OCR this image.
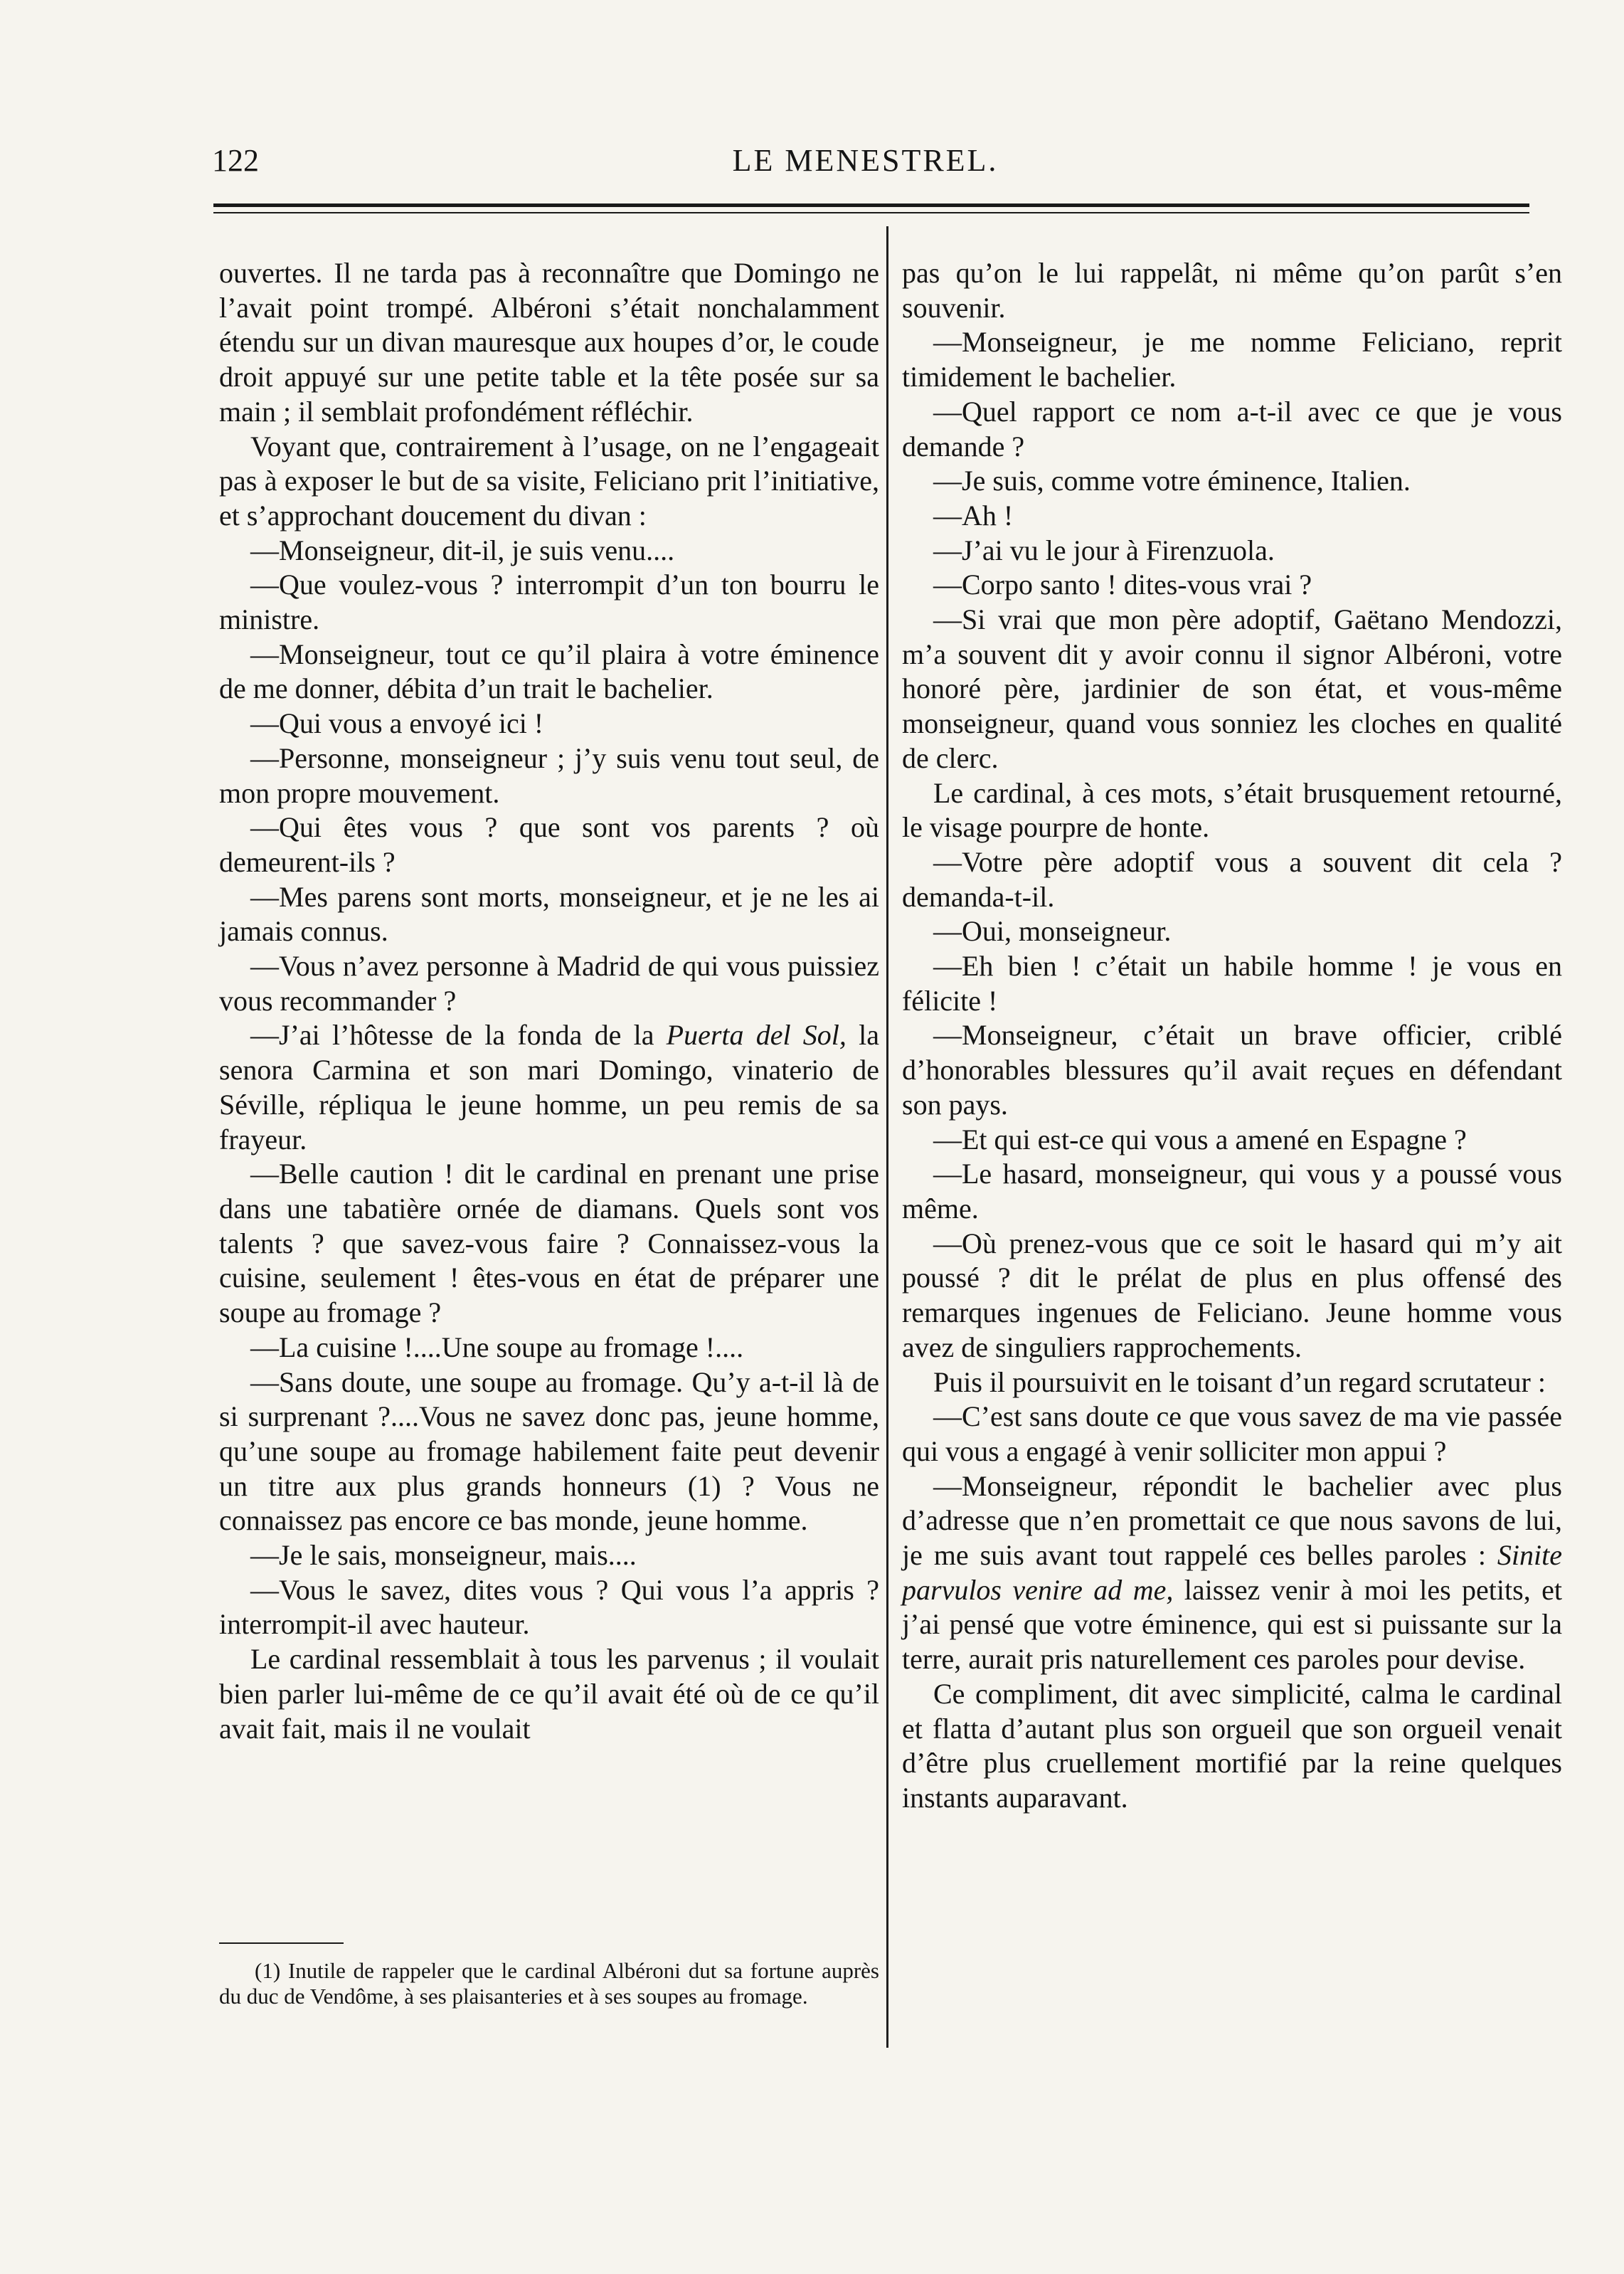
122	LE MENESTREL.

ouvertes. Il ne tarda pas à reconnaître que Domingo ne l’avait point trompé. Albéroni s’était nonchalamment étendu sur un divan mauresque aux houpes d’or, le coude droit appuyé sur une petite table et la tête posée sur sa main ; il semblait profondément réfléchir.

Voyant que, contrairement à l’usage, on ne l’engageait pas à exposer le but de sa visite, Feliciano prit l’initiative, et s’approchant doucement du divan :

—Monseigneur, dit-il, je suis venu....

—Que voulez-vous ? interrompit d’un ton bourru le ministre.

—Monseigneur, tout ce qu’il plaira à votre éminence de me donner, débita d’un trait le bachelier.

—Qui vous a envoyé ici !

—Personne, monseigneur ; j’y suis venu tout seul, de mon propre mouvement.

—Qui êtes vous ? que sont vos parents ? où demeurent-ils ?

—Mes parens sont morts, monseigneur, et je ne les ai jamais connus.

—Vous n’avez personne à Madrid de qui vous puissiez vous recommander ?

—J’ai l’hôtesse de la fonda de la Puerta del Sol, la senora Carmina et son mari Domingo, vinaterio de Séville, répliqua le jeune homme, un peu remis de sa frayeur.

—Belle caution ! dit le cardinal en prenant une prise dans une tabatière ornée de diamans. Quels sont vos talents ? que savez-vous faire ? Connaissez-vous la cuisine, seulement ! êtes-vous en état de préparer une soupe au fromage ?

—La cuisine !....Une soupe au fromage !....

—Sans doute, une soupe au fromage. Qu’y a-t-il là de si surprenant ?....Vous ne savez donc pas, jeune homme, qu’une soupe au fromage habilement faite peut devenir un titre aux plus grands honneurs (1) ? Vous ne connaissez pas encore ce bas monde, jeune homme.

—Je le sais, monseigneur, mais....

—Vous le savez, dites vous ? Qui vous l’a appris ? interrompit-il avec hauteur.

Le cardinal ressemblait à tous les parvenus ; il voulait bien parler lui-même de ce qu’il avait été où de ce qu’il avait fait, mais il ne voulait

(1) Inutile de rappeler que le cardinal Albéroni dut sa fortune auprès du duc de Vendôme, à ses plaisanteries et à ses soupes au fromage.

pas qu’on le lui rappelât, ni même qu’on parût s’en souvenir.

—Monseigneur, je me nomme Feliciano, reprit timidement le bachelier.

—Quel rapport ce nom a-t-il avec ce que je vous demande ?

—Je suis, comme votre éminence, Italien.

—Ah !

—J’ai vu le jour à Firenzuola.

—Corpo santo ! dites-vous vrai ?

—Si vrai que mon père adoptif, Gaëtano Mendozzi, m’a souvent dit y avoir connu il signor Albéroni, votre honoré père, jardinier de son état, et vous-même monseigneur, quand vous sonniez les cloches en qualité de clerc.

Le cardinal, à ces mots, s’était brusquement retourné, le visage pourpre de honte.

—Votre père adoptif vous a souvent dit cela ? demanda-t-il.

—Oui, monseigneur.

—Eh bien ! c’était un habile homme ! je vous en félicite !

—Monseigneur, c’était un brave officier, criblé d’honorables blessures qu’il avait reçues en défendant son pays.

—Et qui est-ce qui vous a amené en Espagne ?

—Le hasard, monseigneur, qui vous y a poussé vous même.

—Où prenez-vous que ce soit le hasard qui m’y ait poussé ? dit le prélat de plus en plus offensé des remarques ingenues de Feliciano. Jeune homme vous avez de singuliers rapprochements.

Puis il poursuivit en le toisant d’un regard scrutateur :

—C’est sans doute ce que vous savez de ma vie passée qui vous a engagé à venir solliciter mon appui ?

—Monseigneur, répondit le bachelier avec plus d’adresse que n’en promettait ce que nous savons de lui, je me suis avant tout rappelé ces belles paroles : Sinite parvulos venire ad me, laissez venir à moi les petits, et j’ai pensé que votre éminence, qui est si puissante sur la terre, aurait pris naturellement ces paroles pour devise.

Ce compliment, dit avec simplicité, calma le cardinal et flatta d’autant plus son orgueil que son orgueil venait d’être plus cruellement mortifié par la reine quelques instants auparavant.
